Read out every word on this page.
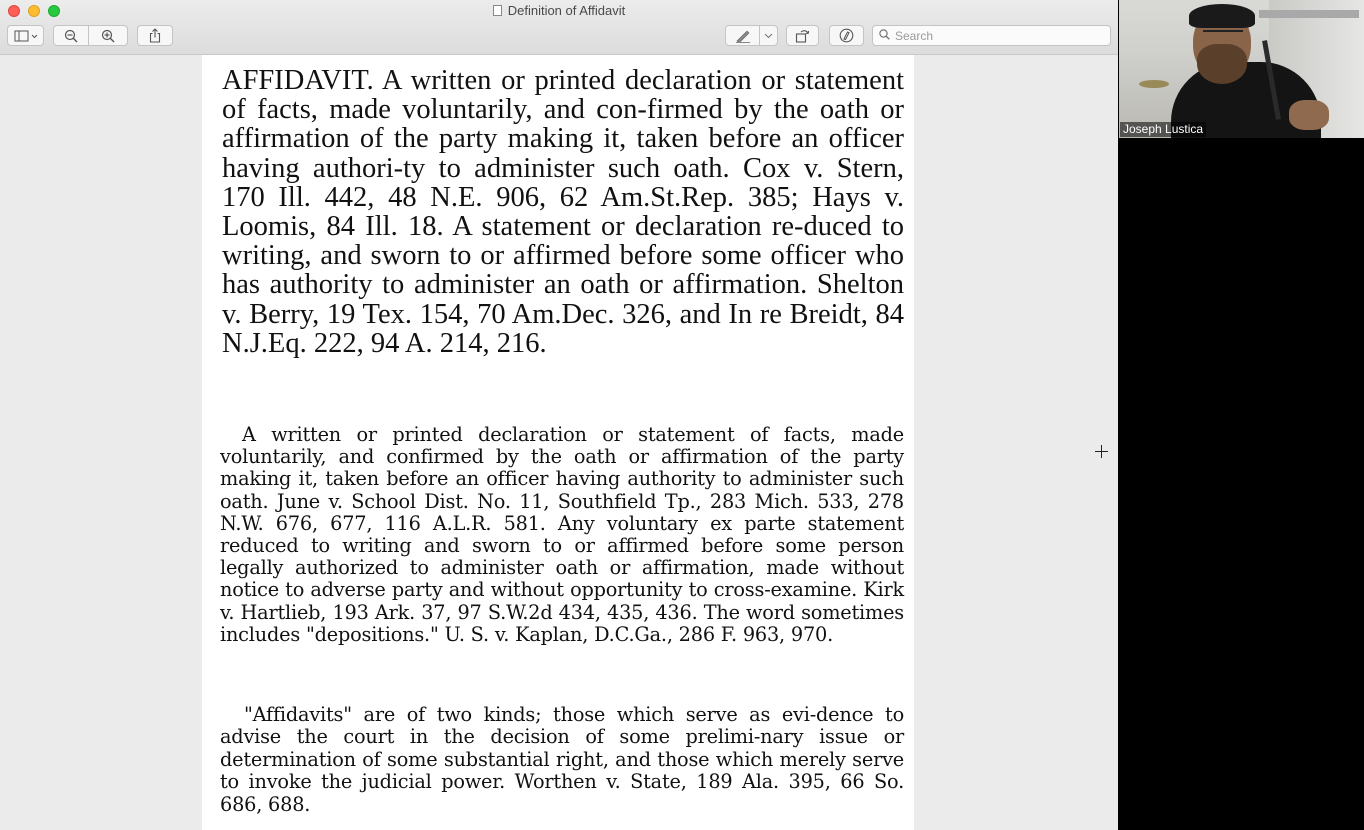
Definition of Affidavit
Search

AFFIDAVIT. A written or printed declaration or statement of facts, made voluntarily, and con-firmed by the oath or affirmation of the party making it, taken before an officer having authori-ty to administer such oath. Cox v. Stern, 170 Ill. 442, 48 N.E. 906, 62 Am.St.Rep. 385; Hays v. Loomis, 84 Ill. 18. A statement or declaration re-duced to writing, and sworn to or affirmed before some officer who has authority to administer an oath or affirmation. Shelton v. Berry, 19 Tex. 154, 70 Am.Dec. 326, and In re Breidt, 84 N.J.Eq. 222, 94 A. 214, 216.

A written or printed declaration or statement of facts, made voluntarily, and confirmed by the oath or affirmation of the party making it, taken before an officer having authority to administer such oath. June v. School Dist. No. 11, Southfield Tp., 283 Mich. 533, 278 N.W. 676, 677, 116 A.L.R. 581. Any voluntary ex parte statement reduced to writing and sworn to or affirmed before some person legally authorized to administer oath or affirmation, made without notice to adverse party and without opportunity to cross-examine. Kirk v. Hartlieb, 193 Ark. 37, 97 S.W.2d 434, 435, 436. The word sometimes includes "depositions." U. S. v. Kaplan, D.C.Ga., 286 F. 963, 970.

"Affidavits" are of two kinds; those which serve as evi-dence to advise the court in the decision of some prelimi-nary issue or determination of some substantial right, and those which merely serve to invoke the judicial power. Worthen v. State, 189 Ala. 395, 66 So. 686, 688.

Joseph Lustica
